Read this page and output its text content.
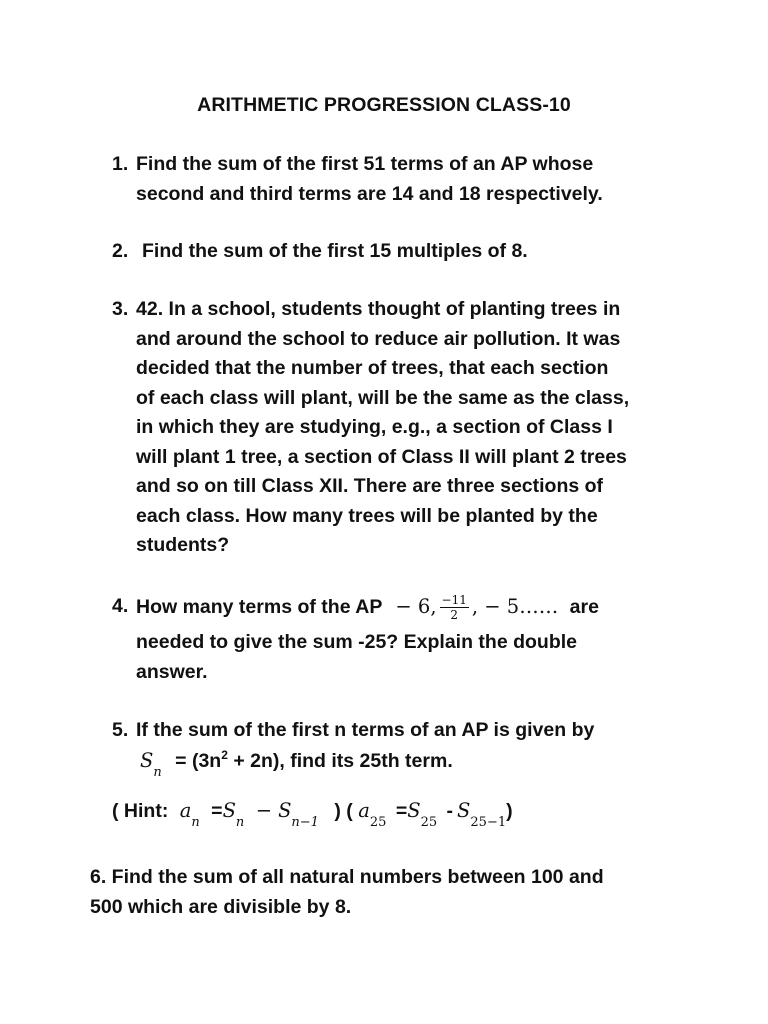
ARITHMETIC PROGRESSION CLASS-10
1. Find the sum of the first 51 terms of an AP whose
second and third terms are 14 and 18 respectively.
2. Find the sum of the first 15 multiples of 8.
3. 42. In a school, students thought of planting trees in
and around the school to reduce air pollution. It was
decided that the number of trees, that each section
of each class will plant, will be the same as the class,
in which they are studying, e.g., a section of Class I
will plant 1 tree, a section of Class II will plant 2 trees
and so on till Class XII. There are three sections of
each class. How many trees will be planted by the
students?
4. How many terms of the AP − 6, $\frac{-11}{2}$ , − 5…… are
needed to give the sum -25? Explain the double
answer.
5. If the sum of the first n terms of an AP is given by
$S_n = (3n^2 + 2n)$, find its 25th term.
( Hint: $a_n =S_n - S_{n-1}$ ) ( $a_{25} =S_{25} - S_{25-1}$)
6. Find the sum of all natural numbers between 100 and
500 which are divisible by 8.
